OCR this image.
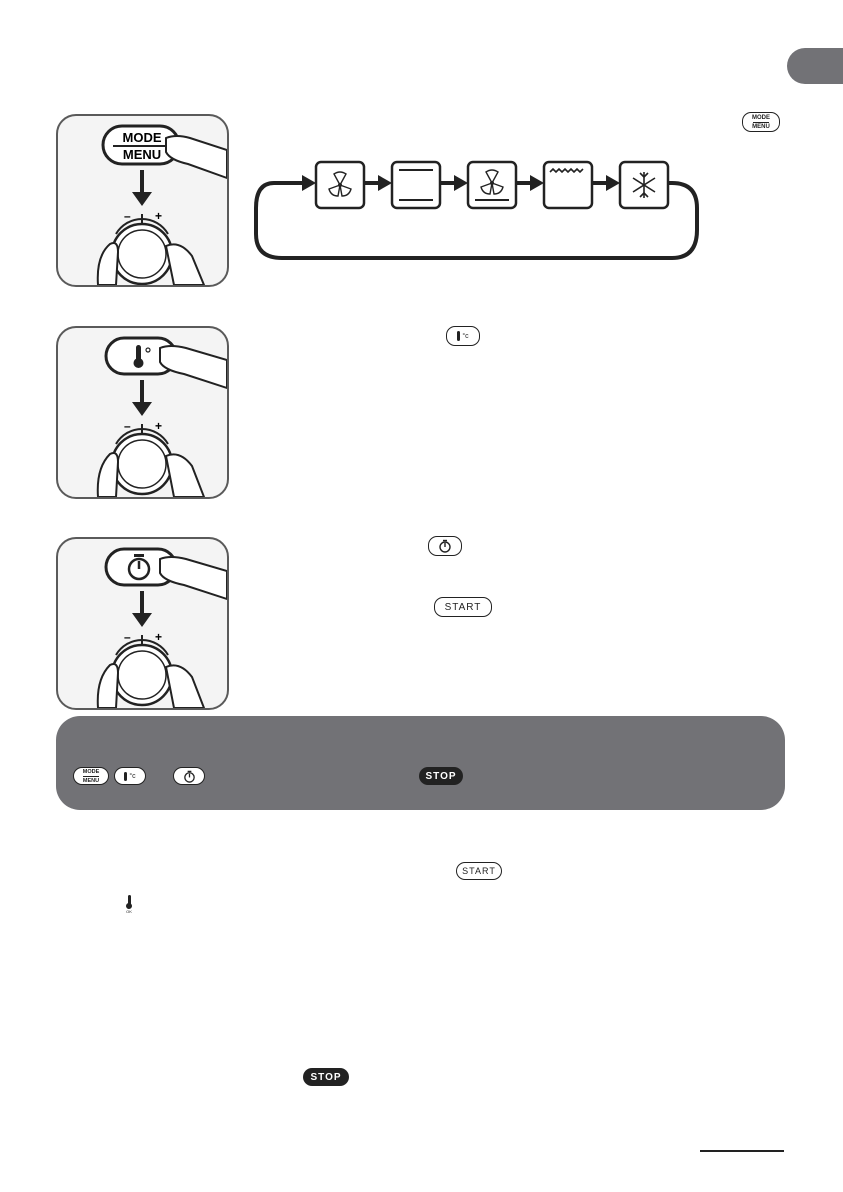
MODE
MENU
– +
MODE
MENU
– +
°c
– +
START
MODE
MENU
°c	STOP
START
OK
STOP
